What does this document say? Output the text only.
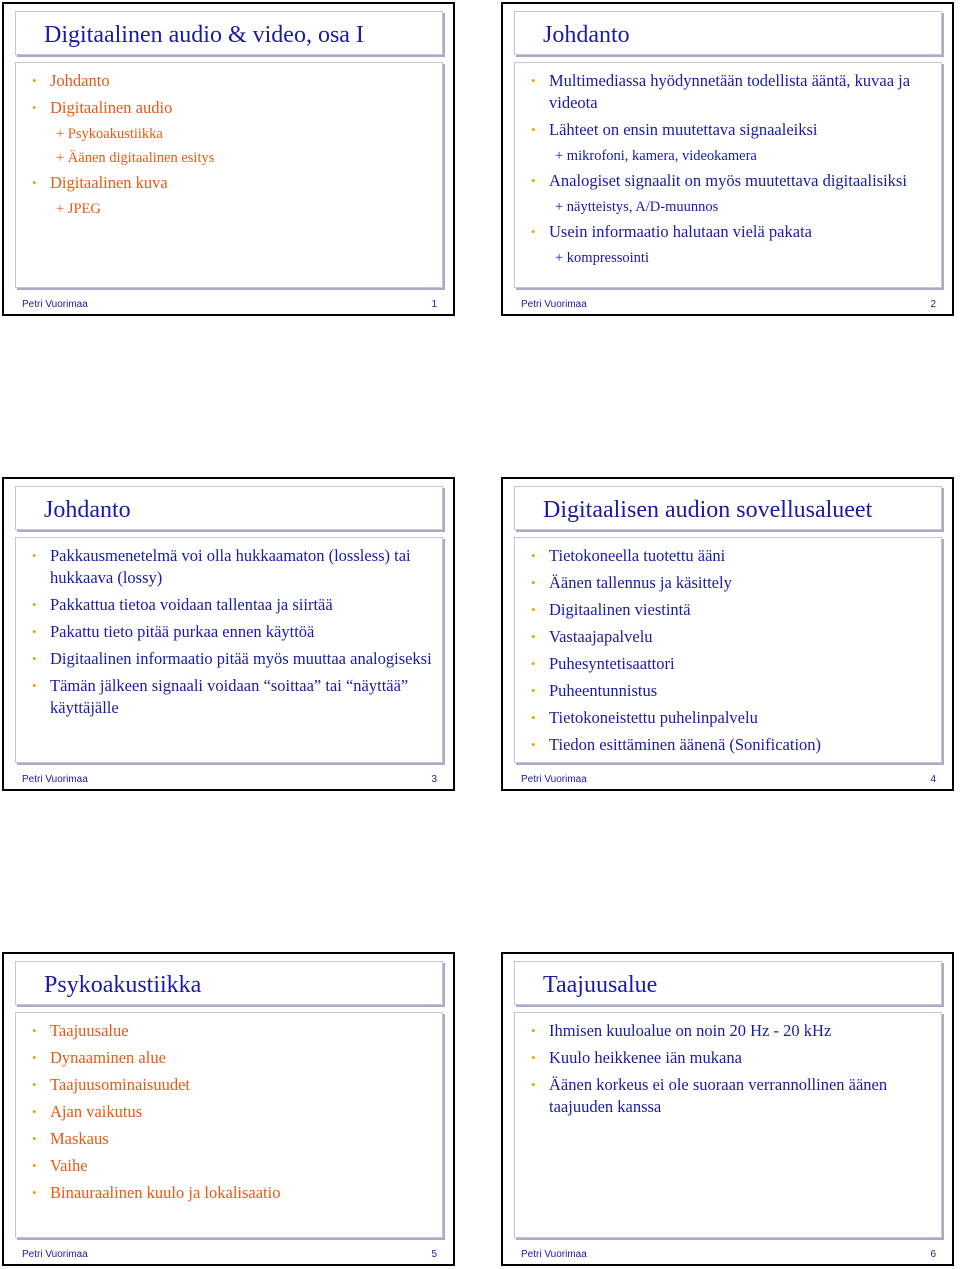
Digitaalinen audio & video, osa I
• Johdanto
• Digitaalinen audio
+ Psykoakustiikka
+ Äänen digitaalinen esitys
• Digitaalinen kuva
+ JPEG
Petri Vuorimaa	1
Johdanto
• Multimediassa hyödynnetään todellista ääntä, kuvaa ja videota
• Lähteet on ensin muutettava signaaleiksi
+ mikrofoni, kamera, videokamera
• Analogiset signaalit on myös muutettava digitaalisiksi
+ näytteistys, A/D-muunnos
• Usein informaatio halutaan vielä pakata
+ kompressointi
Petri Vuorimaa	2
Johdanto
• Pakkausmenetelmä voi olla hukkaamaton (lossless) tai hukkaava (lossy)
• Pakkattua tietoa voidaan tallentaa ja siirtää
• Pakattu tieto pitää purkaa ennen käyttöä
• Digitaalinen informaatio pitää myös muuttaa analogiseksi
• Tämän jälkeen signaali voidaan “soittaa” tai “näyttää” käyttäjälle
Petri Vuorimaa	3
Digitaalisen audion sovellusalueet
• Tietokoneella tuotettu ääni
• Äänen tallennus ja käsittely
• Digitaalinen viestintä
• Vastaajapalvelu
• Puhesyntetisaattori
• Puheentunnistus
• Tietokoneistettu puhelinpalvelu
• Tiedon esittäminen äänenä (Sonification)
Petri Vuorimaa	4
Psykoakustiikka
• Taajuusalue
• Dynaaminen alue
• Taajuusominaisuudet
• Ajan vaikutus
• Maskaus
• Vaihe
• Binauraalinen kuulo ja lokalisaatio
Petri Vuorimaa	5
Taajuusalue
• Ihmisen kuuloalue on noin 20 Hz - 20 kHz
• Kuulo heikkenee iän mukana
• Äänen korkeus ei ole suoraan verrannollinen äänen taajuuden kanssa
Petri Vuorimaa	6
